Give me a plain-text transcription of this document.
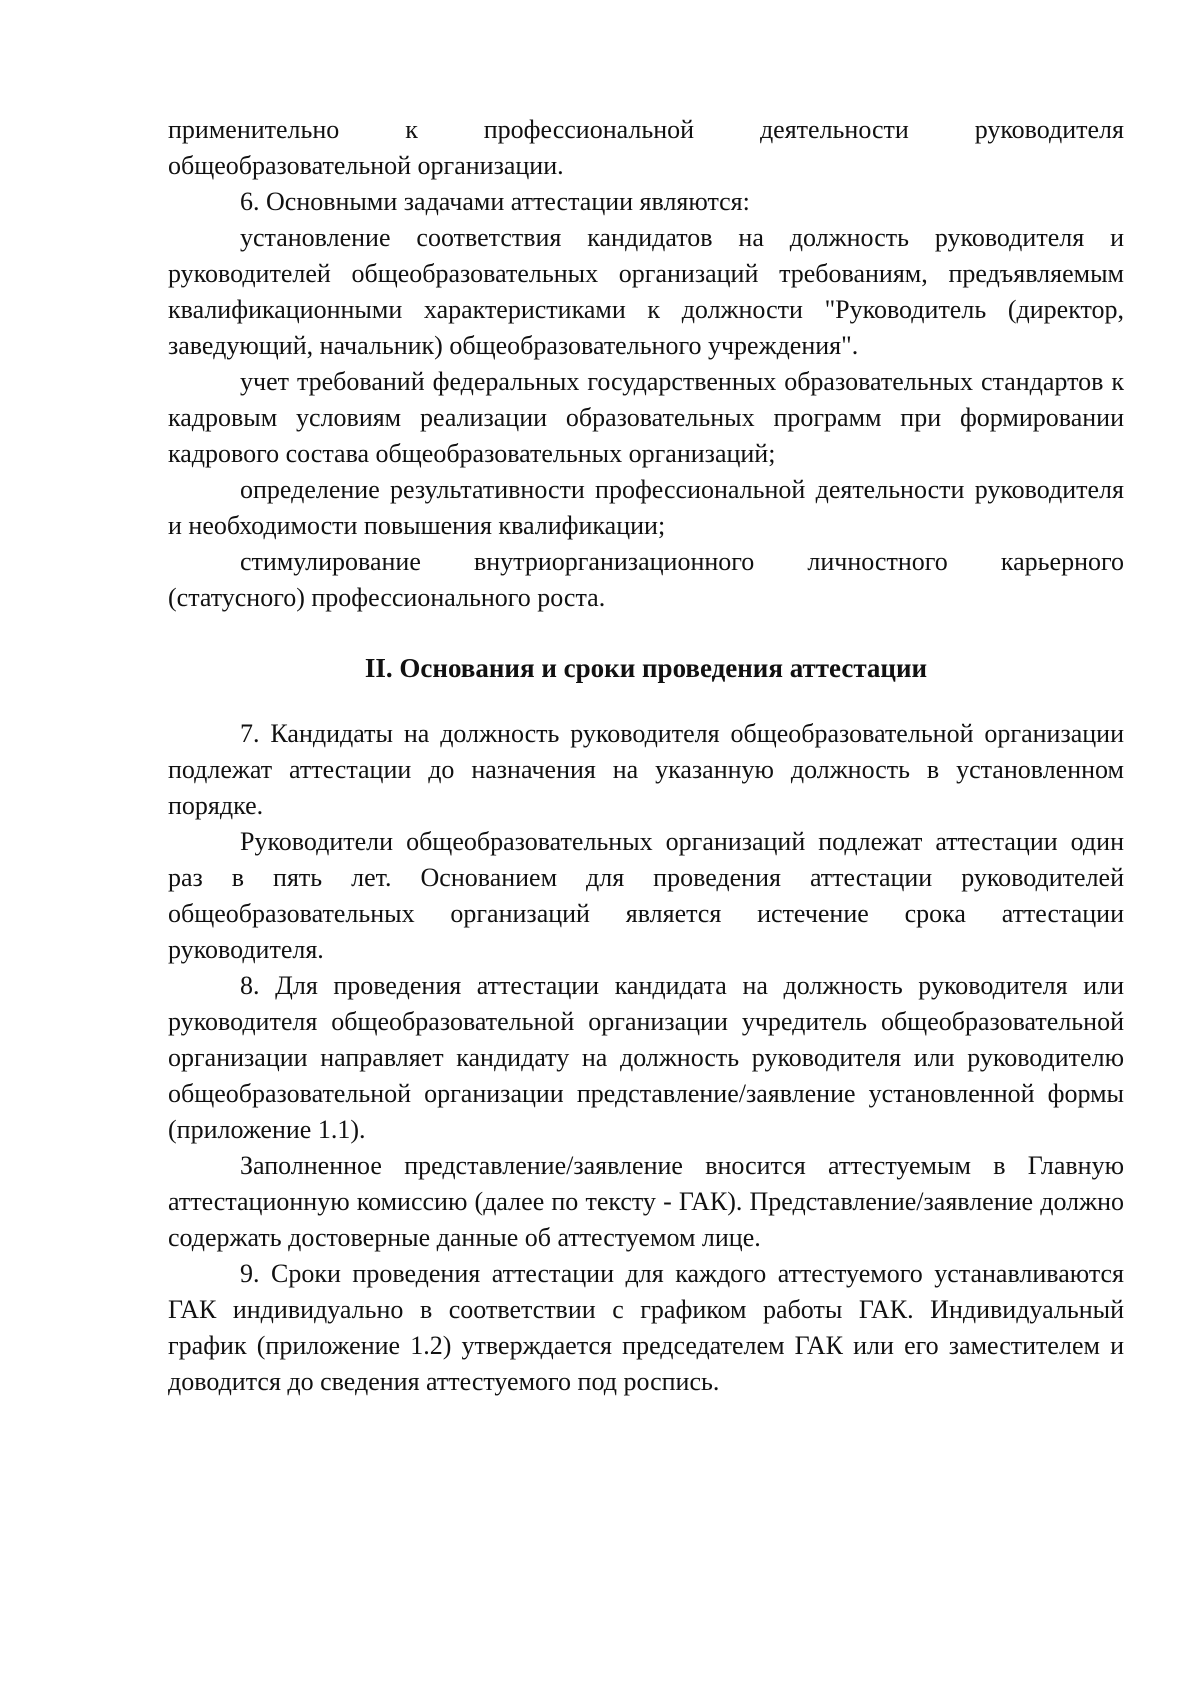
применительно к профессиональной деятельности руководителя общеобразовательной организации.

6. Основными задачами аттестации являются:

установление соответствия кандидатов на должность руководителя и руководителей общеобразовательных организаций требованиям, предъявляемым квалификационными характеристиками к должности "Руководитель (директор, заведующий, начальник) общеобразовательного учреждения".

учет требований федеральных государственных образовательных стандартов к кадровым условиям реализации образовательных программ при формировании кадрового состава общеобразовательных организаций;

определение результативности профессиональной деятельности руководителя и необходимости повышения квалификации;

стимулирование внутриорганизационного личностного карьерного (статусного) профессионального роста.

II. Основания и сроки проведения аттестации

7. Кандидаты на должность руководителя общеобразовательной организации подлежат аттестации до назначения на указанную должность в установленном порядке.

Руководители общеобразовательных организаций подлежат аттестации один раз в пять лет. Основанием для проведения аттестации руководителей общеобразовательных организаций является истечение срока аттестации руководителя.

8. Для проведения аттестации кандидата на должность руководителя или руководителя общеобразовательной организации учредитель общеобразовательной организации направляет кандидату на должность руководителя или руководителю общеобразовательной организации представление/заявление установленной формы (приложение 1.1).

Заполненное представление/заявление вносится аттестуемым в Главную аттестационную комиссию (далее по тексту - ГАК). Представление/заявление должно содержать достоверные данные об аттестуемом лице.

9. Сроки проведения аттестации для каждого аттестуемого устанавливаются ГАК индивидуально в соответствии с графиком работы ГАК. Индивидуальный график (приложение 1.2) утверждается председателем ГАК или его заместителем и доводится до сведения аттестуемого под роспись.
